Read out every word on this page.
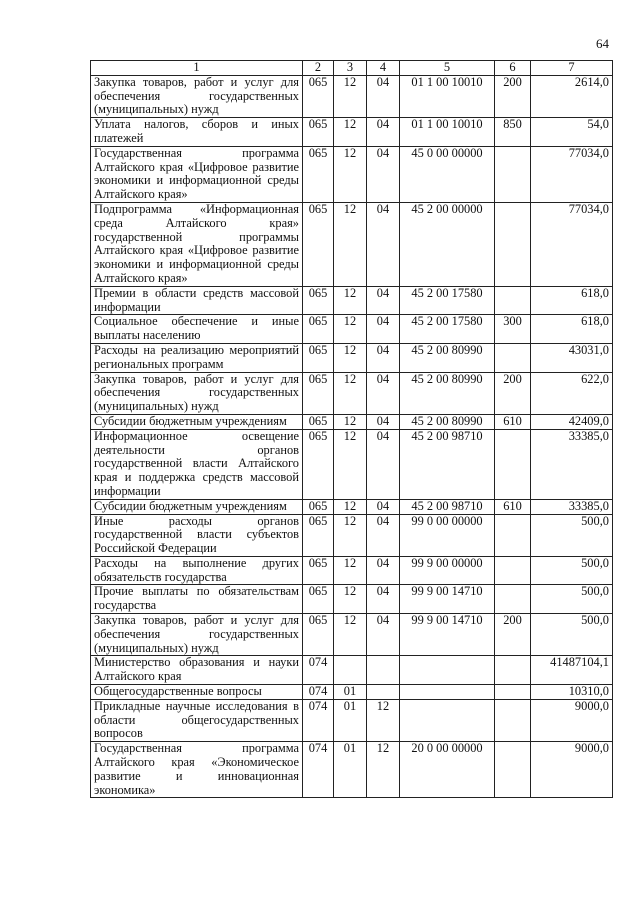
64
1	2	3	4	5	6	7
Закупка товаров, работ и услуг для обеспечения государственных (муниципальных) нужд	065	12	04	01 1 00 10010	200	2614,0
Уплата налогов, сборов и иных платежей	065	12	04	01 1 00 10010	850	54,0
Государственная программа Алтайского края «Цифровое развитие экономики и информационной среды Алтайского края»	065	12	04	45 0 00 00000		77034,0
Подпрограмма «Информационная среда Алтайского края» государственной программы Алтайского края «Цифровое развитие экономики и информационной среды Алтайского края»	065	12	04	45 2 00 00000		77034,0
Премии в области средств массовой информации	065	12	04	45 2 00 17580		618,0
Социальное обеспечение и иные выплаты населению	065	12	04	45 2 00 17580	300	618,0
Расходы на реализацию мероприятий региональных программ	065	12	04	45 2 00 80990		43031,0
Закупка товаров, работ и услуг для обеспечения государственных (муниципальных) нужд	065	12	04	45 2 00 80990	200	622,0
Субсидии бюджетным учреждениям	065	12	04	45 2 00 80990	610	42409,0
Информационное освещение деятельности органов государственной власти Алтайского края и поддержка средств массовой информации	065	12	04	45 2 00 98710		33385,0
Субсидии бюджетным учреждениям	065	12	04	45 2 00 98710	610	33385,0
Иные расходы органов государственной власти субъектов Российской Федерации	065	12	04	99 0 00 00000		500,0
Расходы на выполнение других обязательств государства	065	12	04	99 9 00 00000		500,0
Прочие выплаты по обязательствам государства	065	12	04	99 9 00 14710		500,0
Закупка товаров, работ и услуг для обеспечения государственных (муниципальных) нужд	065	12	04	99 9 00 14710	200	500,0
Министерство образования и науки Алтайского края	074					41487104,1
Общегосударственные вопросы	074	01				10310,0
Прикладные научные исследования в области общегосударственных вопросов	074	01	12			9000,0
Государственная программа Алтайского края «Экономическое развитие и инновационная экономика»	074	01	12	20 0 00 00000		9000,0
